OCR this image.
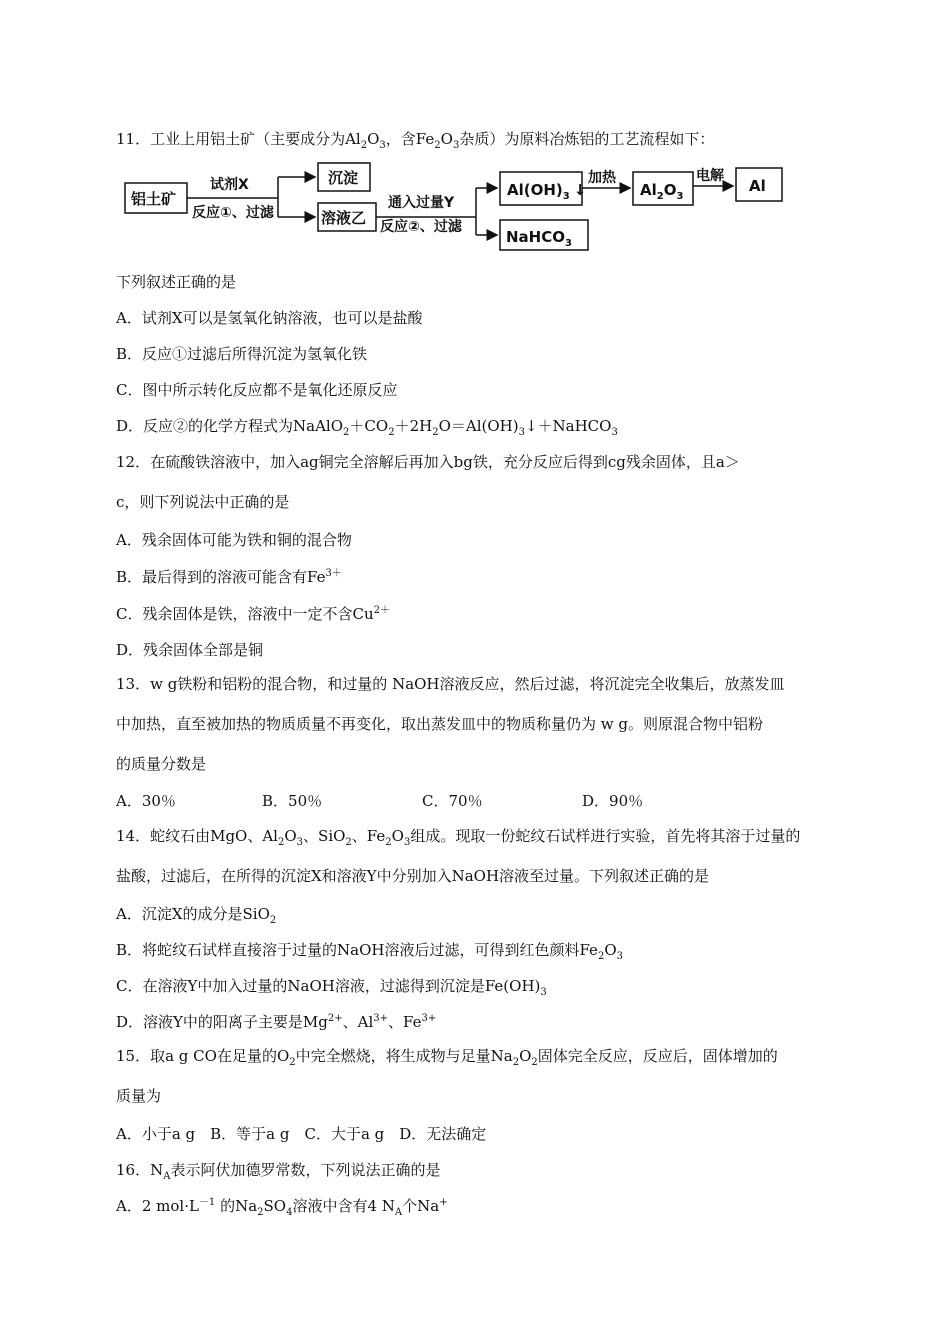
11．工业上用铝土矿（主要成分为$Al_2O_3$，含$Fe_2O_3$杂质）为原料冶炼铝的工艺流程如下：
铝土矿
试剂X
反应①、过滤
沉淀
溶液乙
通入过量Y
反应②、过滤
$Al(OH)_3$ ↓
NaHCO$_3$
加热
$Al_2O_3$
电解
Al
下列叙述正确的是
A．试剂X可以是氢氧化钠溶液，也可以是盐酸
B．反应①过滤后所得沉淀为氢氧化铁
C．图中所示转化反应都不是氧化还原反应
D．反应②的化学方程式为$NaAlO_2+CO_2+2H_2O=Al(OH)_3↓+NaHCO_3$
12．在硫酸铁溶液中，加入ag铜完全溶解后再加入bg铁，充分反应后得到cg残余固体，且a＞
c，则下列说法中正确的是
A．残余固体可能为铁和铜的混合物
B．最后得到的溶液可能含有$Fe^{3+}$
C．残余固体是铁，溶液中一定不含$Cu^{2+}$
D．残余固体全部是铜
13．w g铁粉和铝粉的混合物，和过量的 NaOH溶液反应，然后过滤，将沉淀完全收集后，放蒸发皿
中加热，直至被加热的物质质量不再变化，取出蒸发皿中的物质称量仍为 w g。则原混合物中铝粉
的质量分数是
A．30％	B．50％	C．70％	D．90％
14．蛇纹石由MgO、$Al_2O_3$、SiO$_2$、$Fe_2O_3$组成。现取一份蛇纹石试样进行实验，首先将其溶于过量的
盐酸，过滤后，在所得的沉淀X和溶液Y中分别加入NaOH溶液至过量。下列叙述正确的是
A．沉淀X的成分是SiO$_2$
B．将蛇纹石试样直接溶于过量的NaOH溶液后过滤，可得到红色颜料$Fe_2O_3$
C．在溶液Y中加入过量的NaOH溶液，过滤得到沉淀是$Fe(OH)_3$
D．溶液Y中的阳离子主要是$Mg^{2+}$、$Al^{3+}$、$Fe^{3+}$
15．取a g CO在足量的$O_2$中完全燃烧，将生成物与足量$Na_2O_2$固体完全反应，反应后，固体增加的
质量为
A．小于a g　B．等于a g　C．大于a g　D．无法确定
16．$N_A$表示阿伏加德罗常数，下列说法正确的是
A．2 $mol\cdot L^{-1}$ 的$Na_2SO_4$溶液中含有4 $N_A$个Na+
